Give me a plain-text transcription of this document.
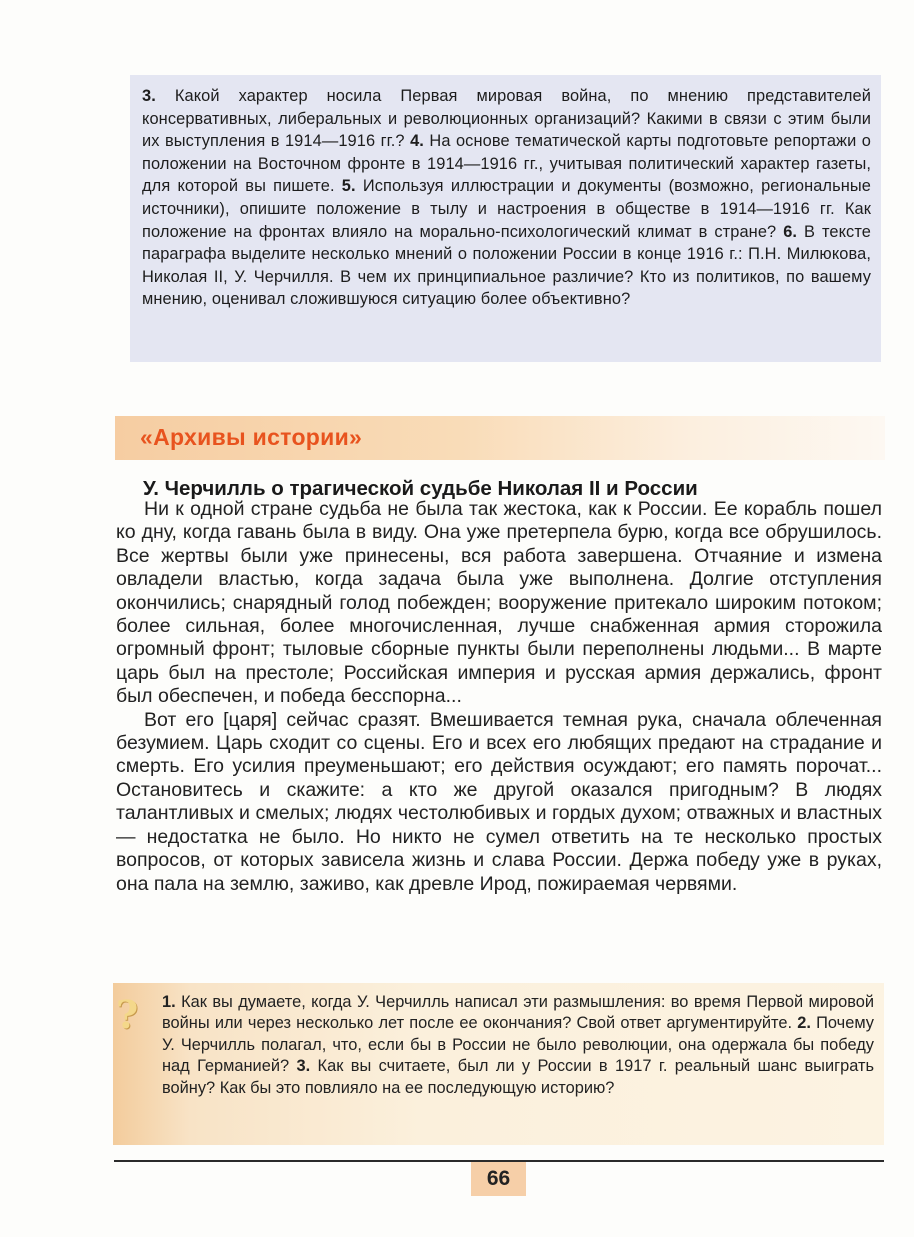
3. Какой характер носила Первая мировая война, по мнению представителей консервативных, либеральных и революционных организаций? Какими в связи с этим были их выступления в 1914—1916 гг.? 4. На основе тематической карты подготовьте репортажи о положении на Восточном фронте в 1914—1916 гг., учитывая политический характер газеты, для которой вы пишете. 5. Используя иллюстрации и документы (возможно, региональные источники), опишите положение в тылу и настроения в обществе в 1914—1916 гг. Как положение на фронтах влияло на морально-психологический климат в стране? 6. В тексте параграфа выделите несколько мнений о положении России в конце 1916 г.: П.Н. Милюкова, Николая II, У. Черчилля. В чем их принципиальное различие? Кто из политиков, по вашему мнению, оценивал сложившуюся ситуацию более объективно?
«Архивы истории»
У. Черчилль о трагической судьбе Николая II и России

Ни к одной стране судьба не была так жестока, как к России. Ее корабль пошел ко дну, когда гавань была в виду. Она уже претерпела бурю, когда все обрушилось. Все жертвы были уже принесены, вся работа завершена. Отчаяние и измена овладели властью, когда задача была уже выполнена. Долгие отступления окончились; снарядный голод побежден; вооружение притекало широким потоком; более сильная, более многочисленная, лучше снабженная армия сторожила огромный фронт; тыловые сборные пункты были переполнены людьми... В марте царь был на престоле; Российская империя и русская армия держались, фронт был обеспечен, и победа бесспорна...

Вот его [царя] сейчас сразят. Вмешивается темная рука, сначала облеченная безумием. Царь сходит со сцены. Его и всех его любящих предают на страдание и смерть. Его усилия преуменьшают; его действия осуждают; его память порочат... Остановитесь и скажите: а кто же другой оказался пригодным? В людях талантливых и смелых; людях честолюбивых и гордых духом; отважных и властных — недостатка не было. Но никто не сумел ответить на те несколько простых вопросов, от которых зависела жизнь и слава России. Держа победу уже в руках, она пала на землю, заживо, как древле Ирод, пожираемая червями.

? 1. Как вы думаете, когда У. Черчилль написал эти размышления: во время Первой мировой войны или через несколько лет после ее окончания? Свой ответ аргументируйте. 2. Почему У. Черчилль полагал, что, если бы в России не было революции, она одержала бы победу над Германией? 3. Как вы считаете, был ли у России в 1917 г. реальный шанс выиграть войну? Как бы это повлияло на ее последующую историю?
66
